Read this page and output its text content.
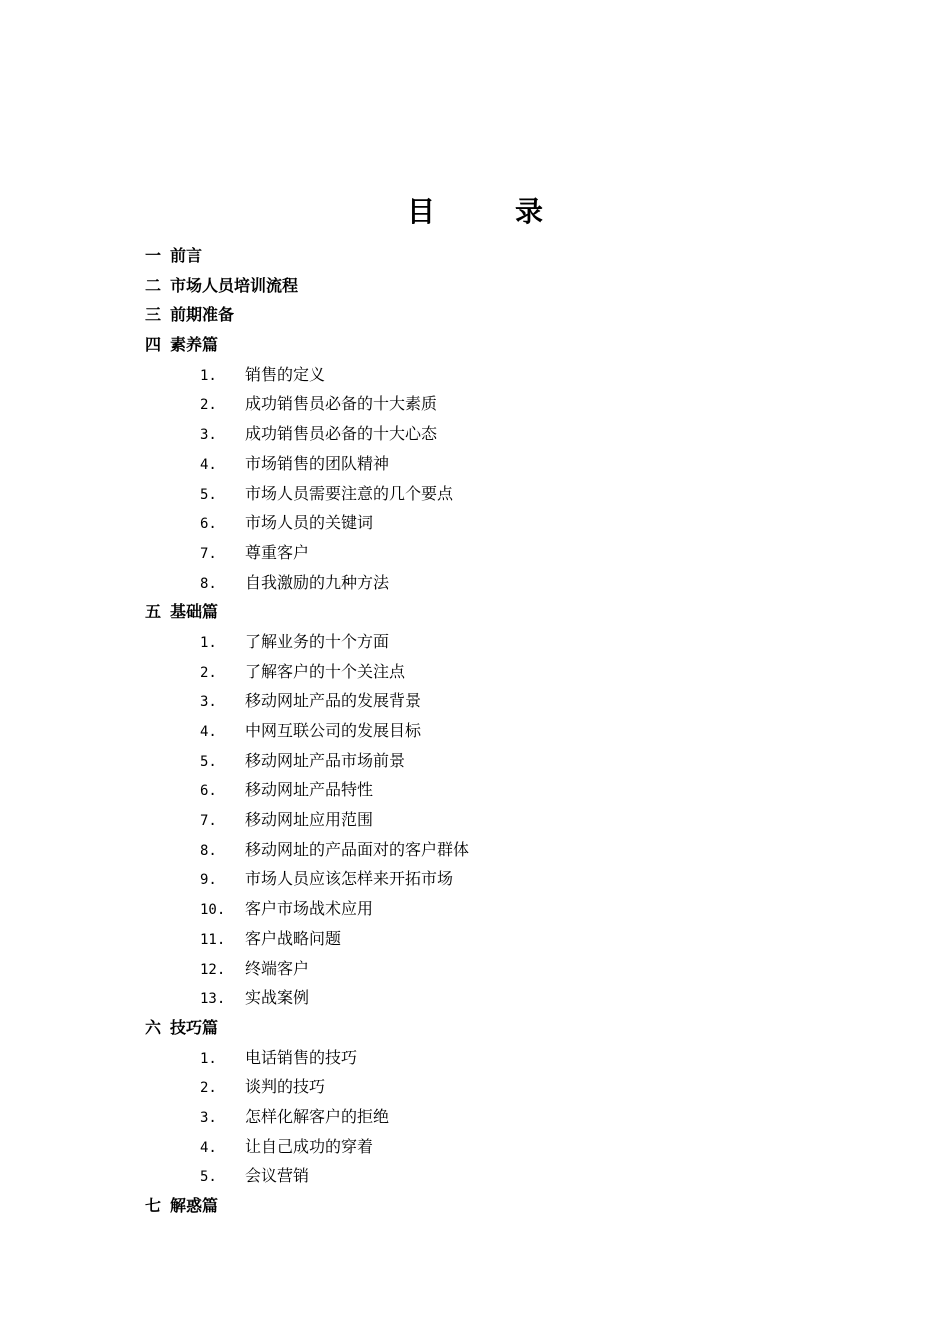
目　录
一 前言
二 市场人员培训流程
三 前期准备
四 素养篇
1. 销售的定义
2. 成功销售员必备的十大素质
3. 成功销售员必备的十大心态
4. 市场销售的团队精神
5. 市场人员需要注意的几个要点
6. 市场人员的关键词
7. 尊重客户
8. 自我激励的九种方法
五 基础篇
1. 了解业务的十个方面
2. 了解客户的十个关注点
3. 移动网址产品的发展背景
4. 中网互联公司的发展目标
5. 移动网址产品市场前景
6. 移动网址产品特性
7. 移动网址应用范围
8. 移动网址的产品面对的客户群体
9. 市场人员应该怎样来开拓市场
10. 客户市场战术应用
11. 客户战略问题
12. 终端客户
13. 实战案例
六 技巧篇
1. 电话销售的技巧
2. 谈判的技巧
3. 怎样化解客户的拒绝
4. 让自己成功的穿着
5. 会议营销
七 解惑篇
